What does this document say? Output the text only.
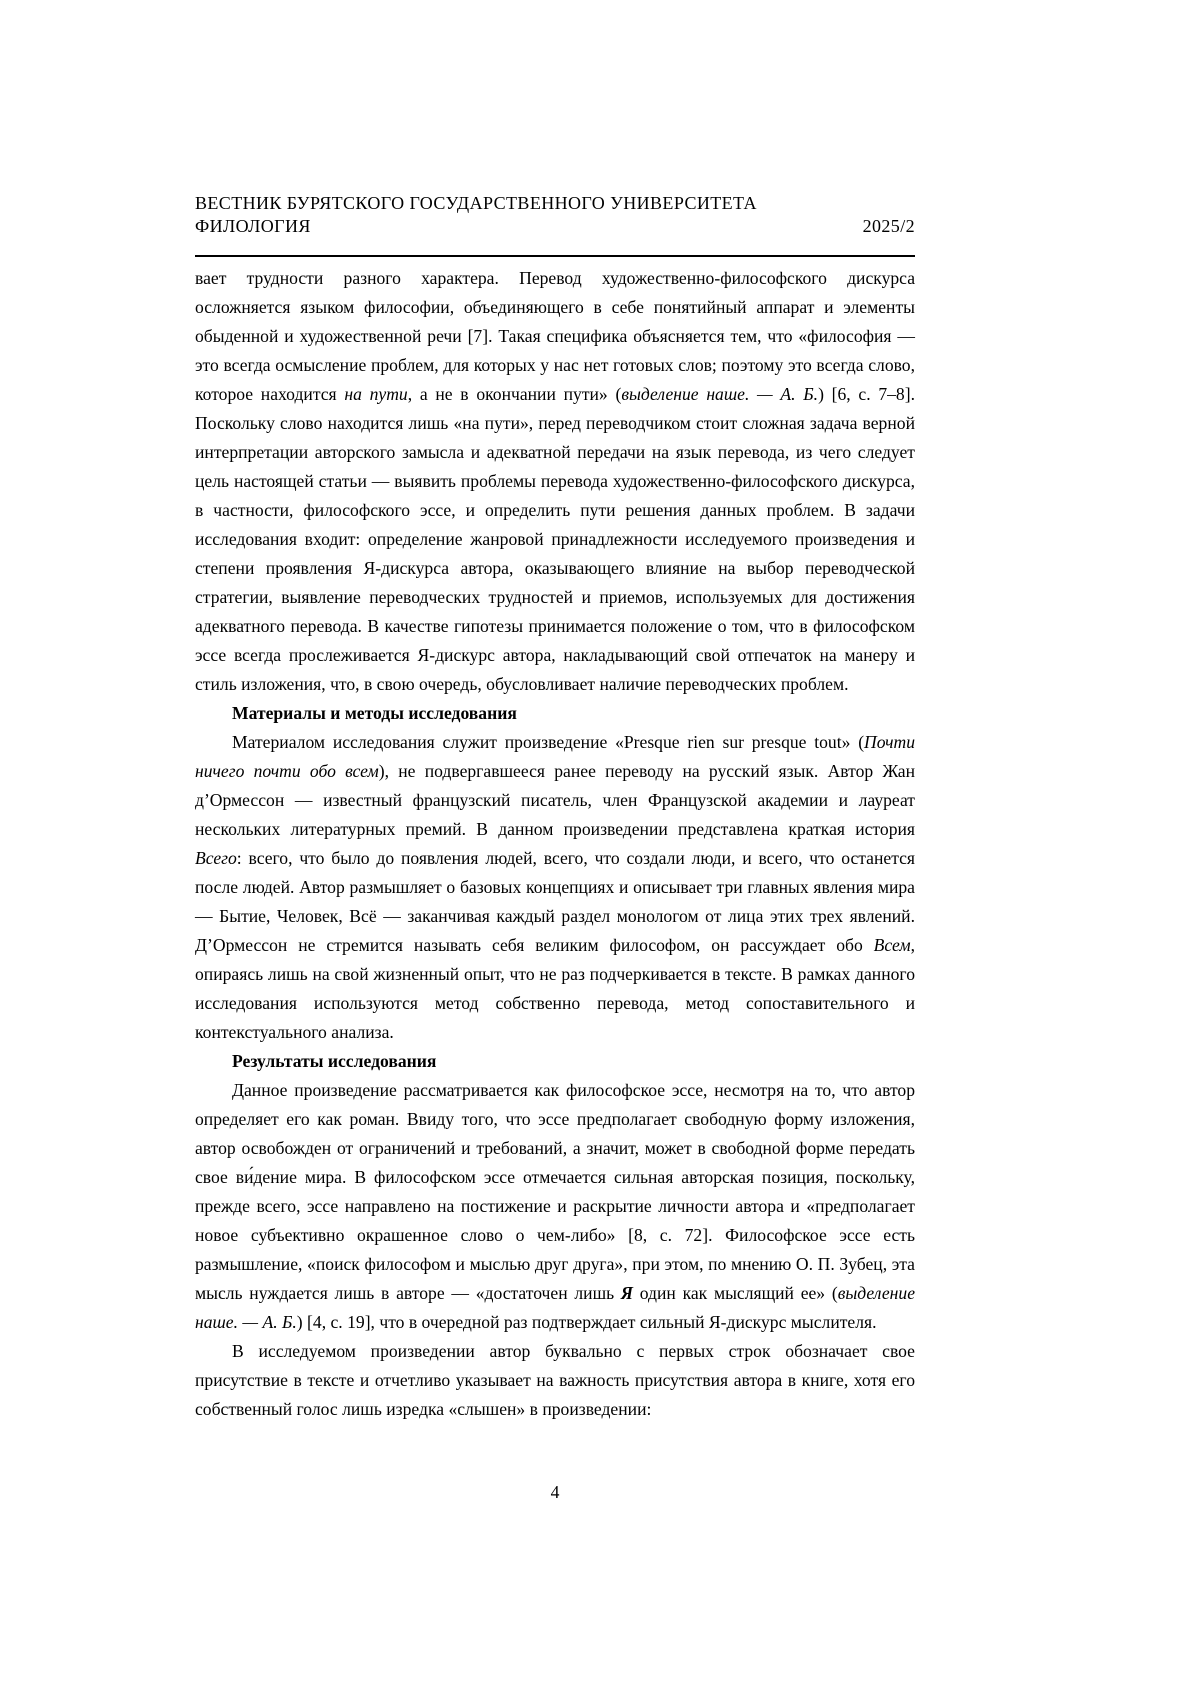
ВЕСТНИК БУРЯТСКОГО ГОСУДАРСТВЕННОГО УНИВЕРСИТЕТА
ФИЛОЛОГИЯ	2025/2

вает трудности разного характера. Перевод художественно-философского дискурса осложняется языком философии, объединяющего в себе понятийный аппарат и элементы обыденной и художественной речи [7]. Такая специфика объясняется тем, что «философия — это всегда осмысление проблем, для которых у нас нет готовых слов; поэтому это всегда слово, которое находится на пути, а не в окончании пути» (выделение наше. — А. Б.) [6, с. 7–8]. Поскольку слово находится лишь «на пути», перед переводчиком стоит сложная задача верной интерпретации авторского замысла и адекватной передачи на язык перевода, из чего следует цель настоящей статьи — выявить проблемы перевода художественно-философского дискурса, в частности, философского эссе, и определить пути решения данных проблем. В задачи исследования входит: определение жанровой принадлежности исследуемого произведения и степени проявления Я-дискурса автора, оказывающего влияние на выбор переводческой стратегии, выявление переводческих трудностей и приемов, используемых для достижения адекватного перевода. В качестве гипотезы принимается положение о том, что в философском эссе всегда прослеживается Я-дискурс автора, накладывающий свой отпечаток на манеру и стиль изложения, что, в свою очередь, обусловливает наличие переводческих проблем.

Материалы и методы исследования

Материалом исследования служит произведение «Presque rien sur presque tout» (Почти ничего почти обо всем), не подвергавшееся ранее переводу на русский язык. Автор Жан д’Ормессон — известный французский писатель, член Французской академии и лауреат нескольких литературных премий. В данном произведении представлена краткая история Всего: всего, что было до появления людей, всего, что создали люди, и всего, что останется после людей. Автор размышляет о базовых концепциях и описывает три главных явления мира — Бытие, Человек, Всё — заканчивая каждый раздел монологом от лица этих трех явлений. Д’Ормессон не стремится называть себя великим философом, он рассуждает обо Всем, опираясь лишь на свой жизненный опыт, что не раз подчеркивается в тексте. В рамках данного исследования используются метод собственно перевода, метод сопоставительного и контекстуального анализа.

Результаты исследования

Данное произведение рассматривается как философское эссе, несмотря на то, что автор определяет его как роман. Ввиду того, что эссе предполагает свободную форму изложения, автор освобожден от ограничений и требований, а значит, может в свободной форме передать свое ви́дение мира. В философском эссе отмечается сильная авторская позиция, поскольку, прежде всего, эссе направлено на постижение и раскрытие личности автора и «предполагает новое субъективно окрашенное слово о чем-либо» [8, с. 72]. Философское эссе есть размышление, «поиск философом и мыслью друг друга», при этом, по мнению О. П. Зубец, эта мысль нуждается лишь в авторе — «достаточен лишь Я один как мыслящий ее» (выделение наше. — А. Б.) [4, с. 19], что в очередной раз подтверждает сильный Я-дискурс мыслителя.

В исследуемом произведении автор буквально с первых строк обозначает свое присутствие в тексте и отчетливо указывает на важность присутствия автора в книге, хотя его собственный голос лишь изредка «слышен» в произведении:

4
